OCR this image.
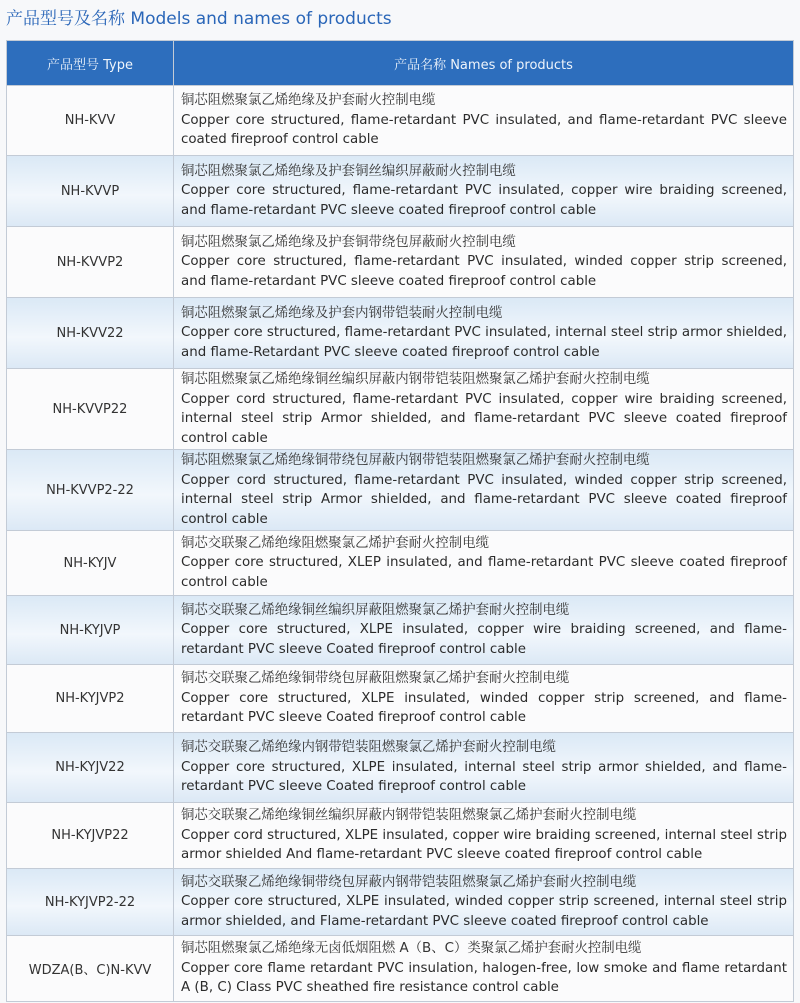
产品型号及名称 Models and names of products
产品型号 Type	产品名称 Names of products
NH-KVV	铜芯阻燃聚氯乙烯绝缘及护套耐火控制电缆
Copper core structured, flame-retardant PVC insulated, and flame-retardant PVC sleeve coated fireproof control cable

NH-KVVP	铜芯阻燃聚氯乙烯绝缘及护套铜丝编织屏蔽耐火控制电缆
Copper core structured, flame-retardant PVC insulated, copper wire braiding screened, and flame-retardant PVC sleeve coated fireproof control cable

NH-KVVP2	铜芯阻燃聚氯乙烯绝缘及护套铜带绕包屏蔽耐火控制电缆
Copper core structured, flame-retardant PVC insulated, winded copper strip screened, and flame-retardant PVC sleeve coated fireproof control cable

NH-KVV22	铜芯阻燃聚氯乙烯绝缘及护套内钢带铠装耐火控制电缆
Copper core structured, flame-retardant PVC insulated, internal steel strip armor shielded, and flame-Retardant PVC sleeve coated fireproof control cable

NH-KVVP22	铜芯阻燃聚氯乙烯绝缘铜丝编织屏蔽内钢带铠装阻燃聚氯乙烯护套耐火控制电缆
Copper cord structured, flame-retardant PVC insulated, copper wire braiding screened, internal steel strip Armor shielded, and flame-retardant PVC sleeve coated fireproof control cable

NH-KVVP2-22	铜芯阻燃聚氯乙烯绝缘铜带绕包屏蔽内钢带铠装阻燃聚氯乙烯护套耐火控制电缆
Copper cord structured, flame-retardant PVC insulated, winded copper strip screened, internal steel strip Armor shielded, and flame-retardant PVC sleeve coated fireproof control cable

NH-KYJV	铜芯交联聚乙烯绝缘阻燃聚氯乙烯护套耐火控制电缆
Copper core structured, XLEP insulated, and flame-retardant PVC sleeve coated fireproof control cable

NH-KYJVP	铜芯交联聚乙烯绝缘铜丝编织屏蔽阻燃聚氯乙烯护套耐火控制电缆
Copper core structured, XLPE insulated, copper wire braiding screened, and flame-retardant PVC sleeve Coated fireproof control cable

NH-KYJVP2	铜芯交联聚乙烯绝缘铜带绕包屏蔽阻燃聚氯乙烯护套耐火控制电缆
Copper core structured, XLPE insulated, winded copper strip screened, and flame-retardant PVC sleeve Coated fireproof control cable

NH-KYJV22	铜芯交联聚乙烯绝缘内钢带铠装阻燃聚氯乙烯护套耐火控制电缆
Copper core structured, XLPE insulated, internal steel strip armor shielded, and flame-retardant PVC sleeve Coated fireproof control cable

NH-KYJVP22	铜芯交联聚乙烯绝缘铜丝编织屏蔽内钢带铠装阻燃聚氯乙烯护套耐火控制电缆
Copper cord structured, XLPE insulated, copper wire braiding screened, internal steel strip armor shielded And flame-retardant PVC sleeve coated fireproof control cable

NH-KYJVP2-22	铜芯交联聚乙烯绝缘铜带绕包屏蔽内钢带铠装阻燃聚氯乙烯护套耐火控制电缆
Copper core structured, XLPE insulated, winded copper strip screened, internal steel strip armor shielded, and Flame-retardant PVC sleeve coated fireproof control cable

WDZA(B、C)N-KVV	铜芯阻燃聚氯乙烯绝缘无卤低烟阻燃 A（B、C）类聚氯乙烯护套耐火控制电缆
Copper core flame retardant PVC insulation, halogen-free, low smoke and flame retardant A (B, C) Class PVC sheathed fire resistance control cable
